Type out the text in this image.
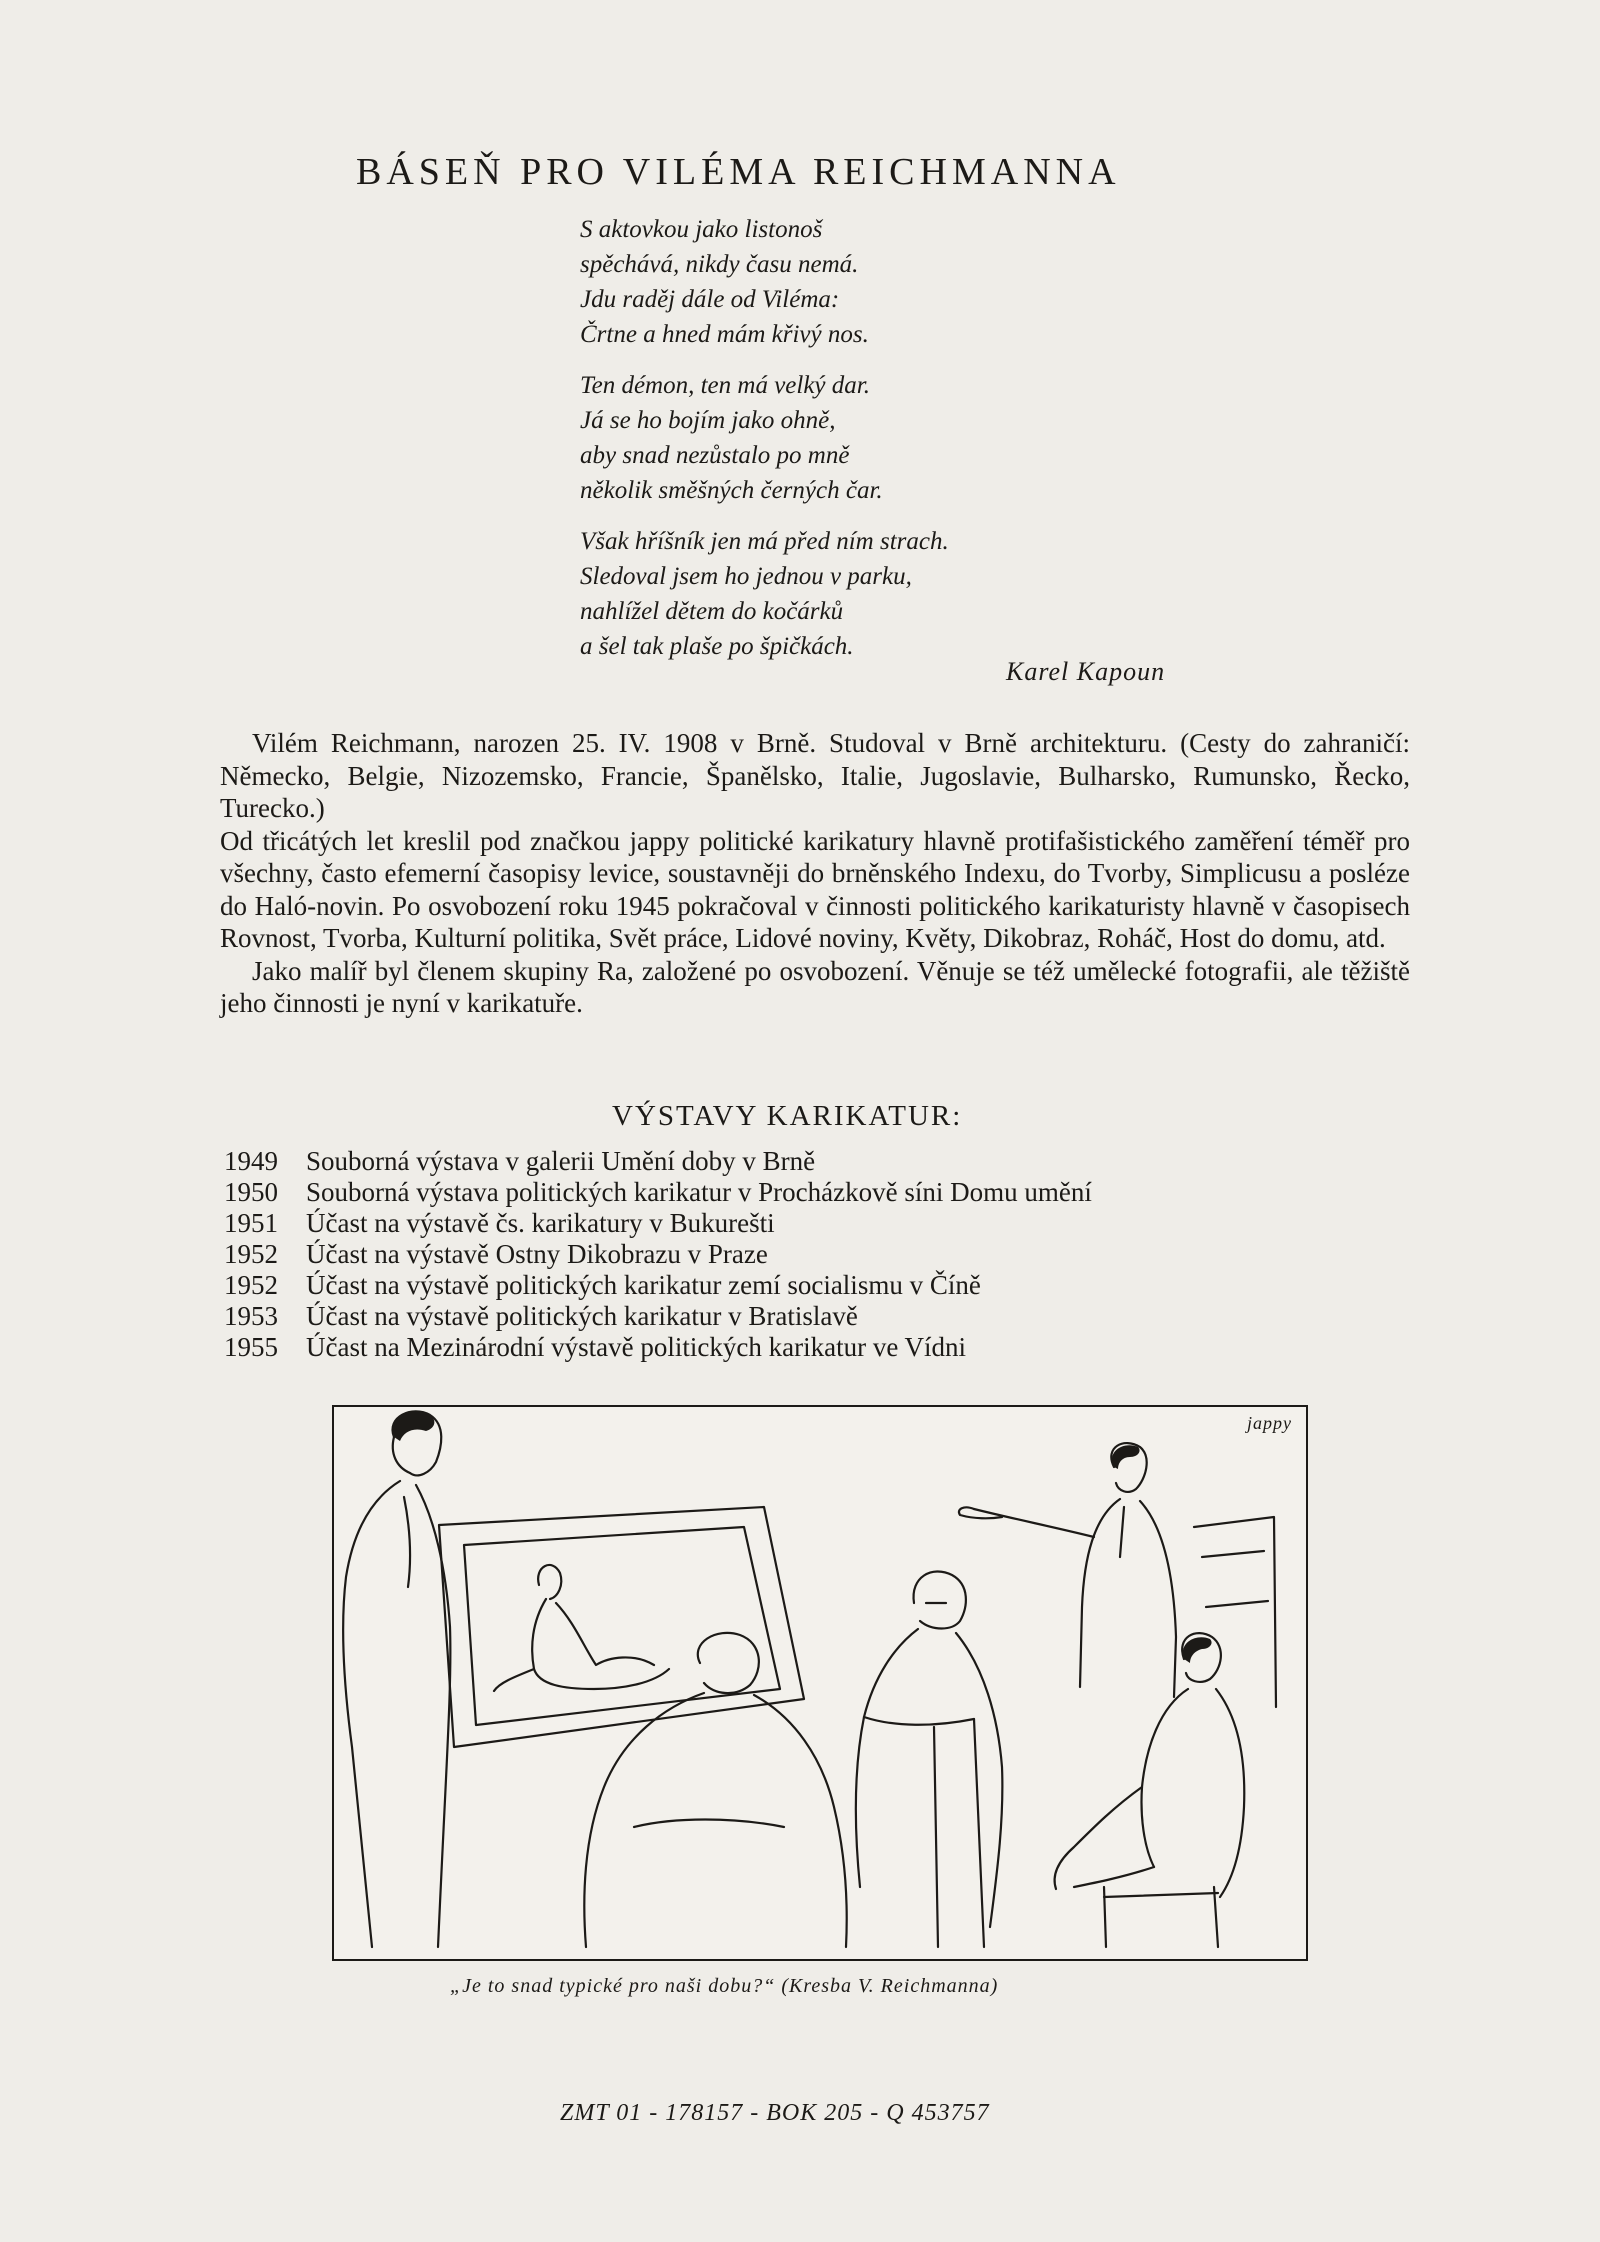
BÁSEŇ PRO VILÉMA REICHMANNA
S aktovkou jako listonoš
spěchává, nikdy času nemá.
Jdu raděj dále od Viléma:
Črtne a hned mám křivý nos.
Ten démon, ten má velký dar.
Já se ho bojím jako ohně,
aby snad nezůstalo po mně
několik směšných černých čar.
Však hříšník jen má před ním strach.
Sledoval jsem ho jednou v parku,
nahlížel dětem do kočárků
a šel tak plaše po špičkách.
Karel Kapoun

Vilém Reichmann, narozen 25. IV. 1908 v Brně. Studoval v Brně architekturu. (Cesty do zahraničí: Německo, Belgie, Nizozemsko, Francie, Španělsko, Italie, Jugoslavie, Bulharsko, Rumunsko, Řecko, Turecko.)

Od třicátých let kreslil pod značkou jappy politické karikatury hlavně protifašistického zaměření téměř pro všechny, často efemerní časopisy levice, soustavněji do brněnského Indexu, do Tvorby, Simplicusu a posléze do Haló-novin. Po osvobození roku 1945 pokračoval v činnosti politického karikaturisty hlavně v časopisech Rovnost, Tvorba, Kulturní politika, Svět práce, Lidové noviny, Květy, Dikobraz, Roháč, Host do domu, atd.

Jako malíř byl členem skupiny Ra, založené po osvobození. Věnuje se též umělecké fotografii, ale těžiště jeho činnosti je nyní v karikatuře.

VÝSTAVY KARIKATUR:
1949 Souborná výstava v galerii Umění doby v Brně
1950 Souborná výstava politických karikatur v Procházkově síni Domu umění
1951 Účast na výstavě čs. karikatury v Bukurešti
1952 Účast na výstavě Ostny Dikobrazu v Praze
1952 Účast na výstavě politických karikatur zemí socialismu v Číně
1953 Účast na výstavě politických karikatur v Bratislavě
1955 Účast na Mezinárodní výstavě politických karikatur ve Vídni
jappy
„Je to snad typické pro naši dobu?“ (Kresba V. Reichmanna)
ZMT 01 - 178157 - BOK 205 - Q 453757
